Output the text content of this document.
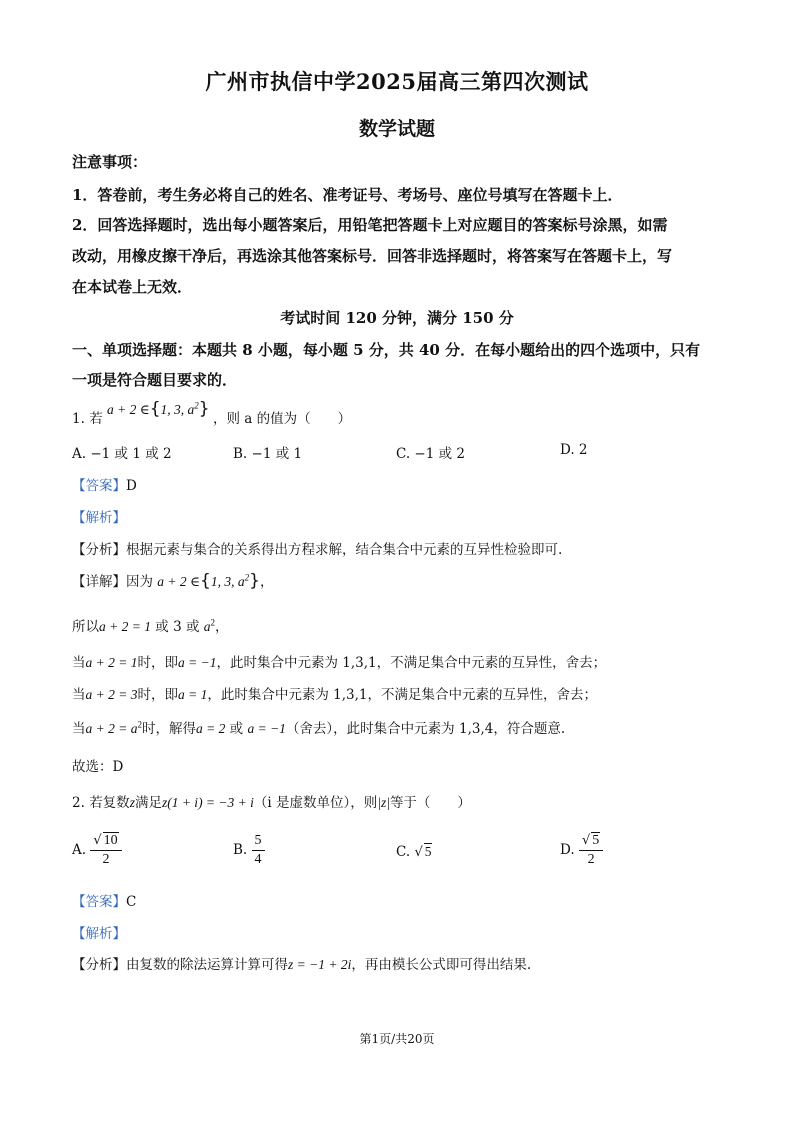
广州市执信中学2025届高三第四次测试
数学试题
注意事项：
1．答卷前，考生务必将自己的姓名、准考证号、考场号、座位号填写在答题卡上．
2．回答选择题时，选出每小题答案后，用铅笔把答题卡上对应题目的答案标号涂黑，如需
改动，用橡皮擦干净后，再选涂其他答案标号．回答非选择题时，将答案写在答题卡上，写
在本试卷上无效．
考试时间 120 分钟，满分 150 分
一、单项选择题：本题共 8 小题，每小题 5 分，共 40 分．在每小题给出的四个选项中，只有
一项是符合题目要求的．
1. 若 a + 2 ∈{1, 3, $a^2$} ，则 a 的值为（　　）
A. −1 或 1 或 2	B. −1 或 1	C. −1 或 2	D. 2
【答案】D
【解析】
【分析】根据元素与集合的关系得出方程求解，结合集合中元素的互异性检验即可.
【详解】因为 a + 2 ∈{1, 3, $a^2$}，
所以a + 2 = 1 或 3 或 $a^2$，
当a + 2 = 1时，即a = −1，此时集合中元素为 1,3,1，不满足集合中元素的互异性，舍去；
当a + 2 = 3时，即a = 1，此时集合中元素为 1,3,1，不满足集合中元素的互异性，舍去；
当$a + 2 = a^2$时，解得a = 2 或 a = −1（舍去），此时集合中元素为 1,3,4，符合题意.
故选：D
2. 若复数z满足z(1 + i) = −3 + i（i 是虚数单位），则|z|等于（　　）
A. $\frac{√ 10}{2}$	B. $\frac{5}{4}$	C. √ 5	D. $\frac{√ 5}{2}$
【答案】C
【解析】
【分析】由复数的除法运算计算可得z = −1 + 2i，再由模长公式即可得出结果.
第1页/共20页
